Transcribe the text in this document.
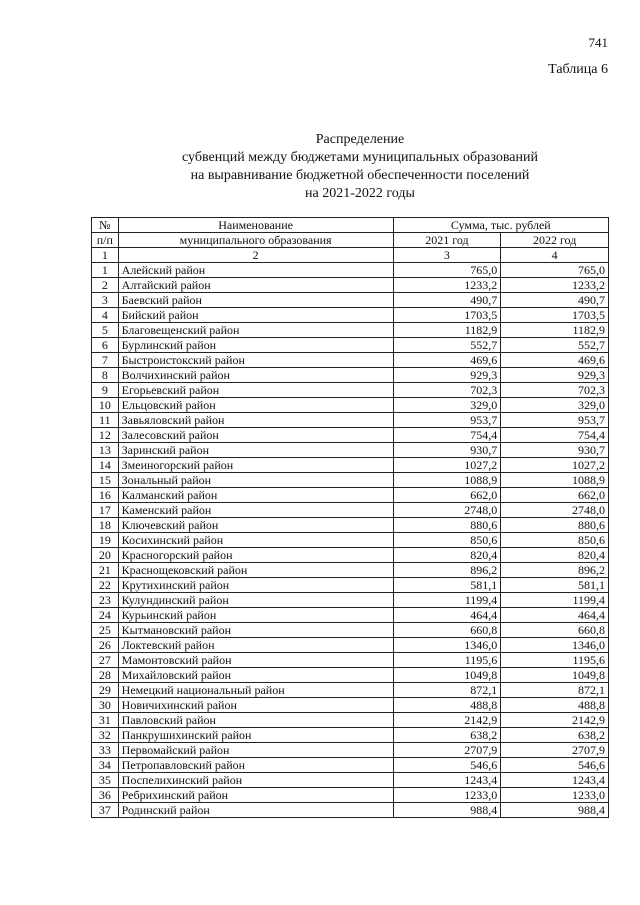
741
Таблица 6
Распределение
субвенций между бюджетами муниципальных образований
на выравнивание бюджетной обеспеченности поселений
на 2021-2022 годы
№	Наименование	Сумма, тыс. рублей	
п/п	муниципального образования	2021 год	2022 год
1	2	3	4
1	Алейский район	765,0	765,0
2	Алтайский район	1233,2	1233,2
3	Баевский район	490,7	490,7
4	Бийский район	1703,5	1703,5
5	Благовещенский район	1182,9	1182,9
6	Бурлинский район	552,7	552,7
7	Быстроистокский район	469,6	469,6
8	Волчихинский район	929,3	929,3
9	Егорьевский район	702,3	702,3
10	Ельцовский район	329,0	329,0
11	Завьяловский район	953,7	953,7
12	Залесовский район	754,4	754,4
13	Заринский район	930,7	930,7
14	Змеиногорский район	1027,2	1027,2
15	Зональный район	1088,9	1088,9
16	Калманский район	662,0	662,0
17	Каменский район	2748,0	2748,0
18	Ключевский район	880,6	880,6
19	Косихинский район	850,6	850,6
20	Красногорский район	820,4	820,4
21	Краснощековский район	896,2	896,2
22	Крутихинский район	581,1	581,1
23	Кулундинский район	1199,4	1199,4
24	Курьинский район	464,4	464,4
25	Кытмановский район	660,8	660,8
26	Локтевский район	1346,0	1346,0
27	Мамонтовский район	1195,6	1195,6
28	Михайловский район	1049,8	1049,8
29	Немецкий национальный район	872,1	872,1
30	Новичихинский район	488,8	488,8
31	Павловский район	2142,9	2142,9
32	Панкрушихинский район	638,2	638,2
33	Первомайский район	2707,9	2707,9
34	Петропавловский район	546,6	546,6
35	Поспелихинский район	1243,4	1243,4
36	Ребрихинский район	1233,0	1233,0
37	Родинский район	988,4	988,4
